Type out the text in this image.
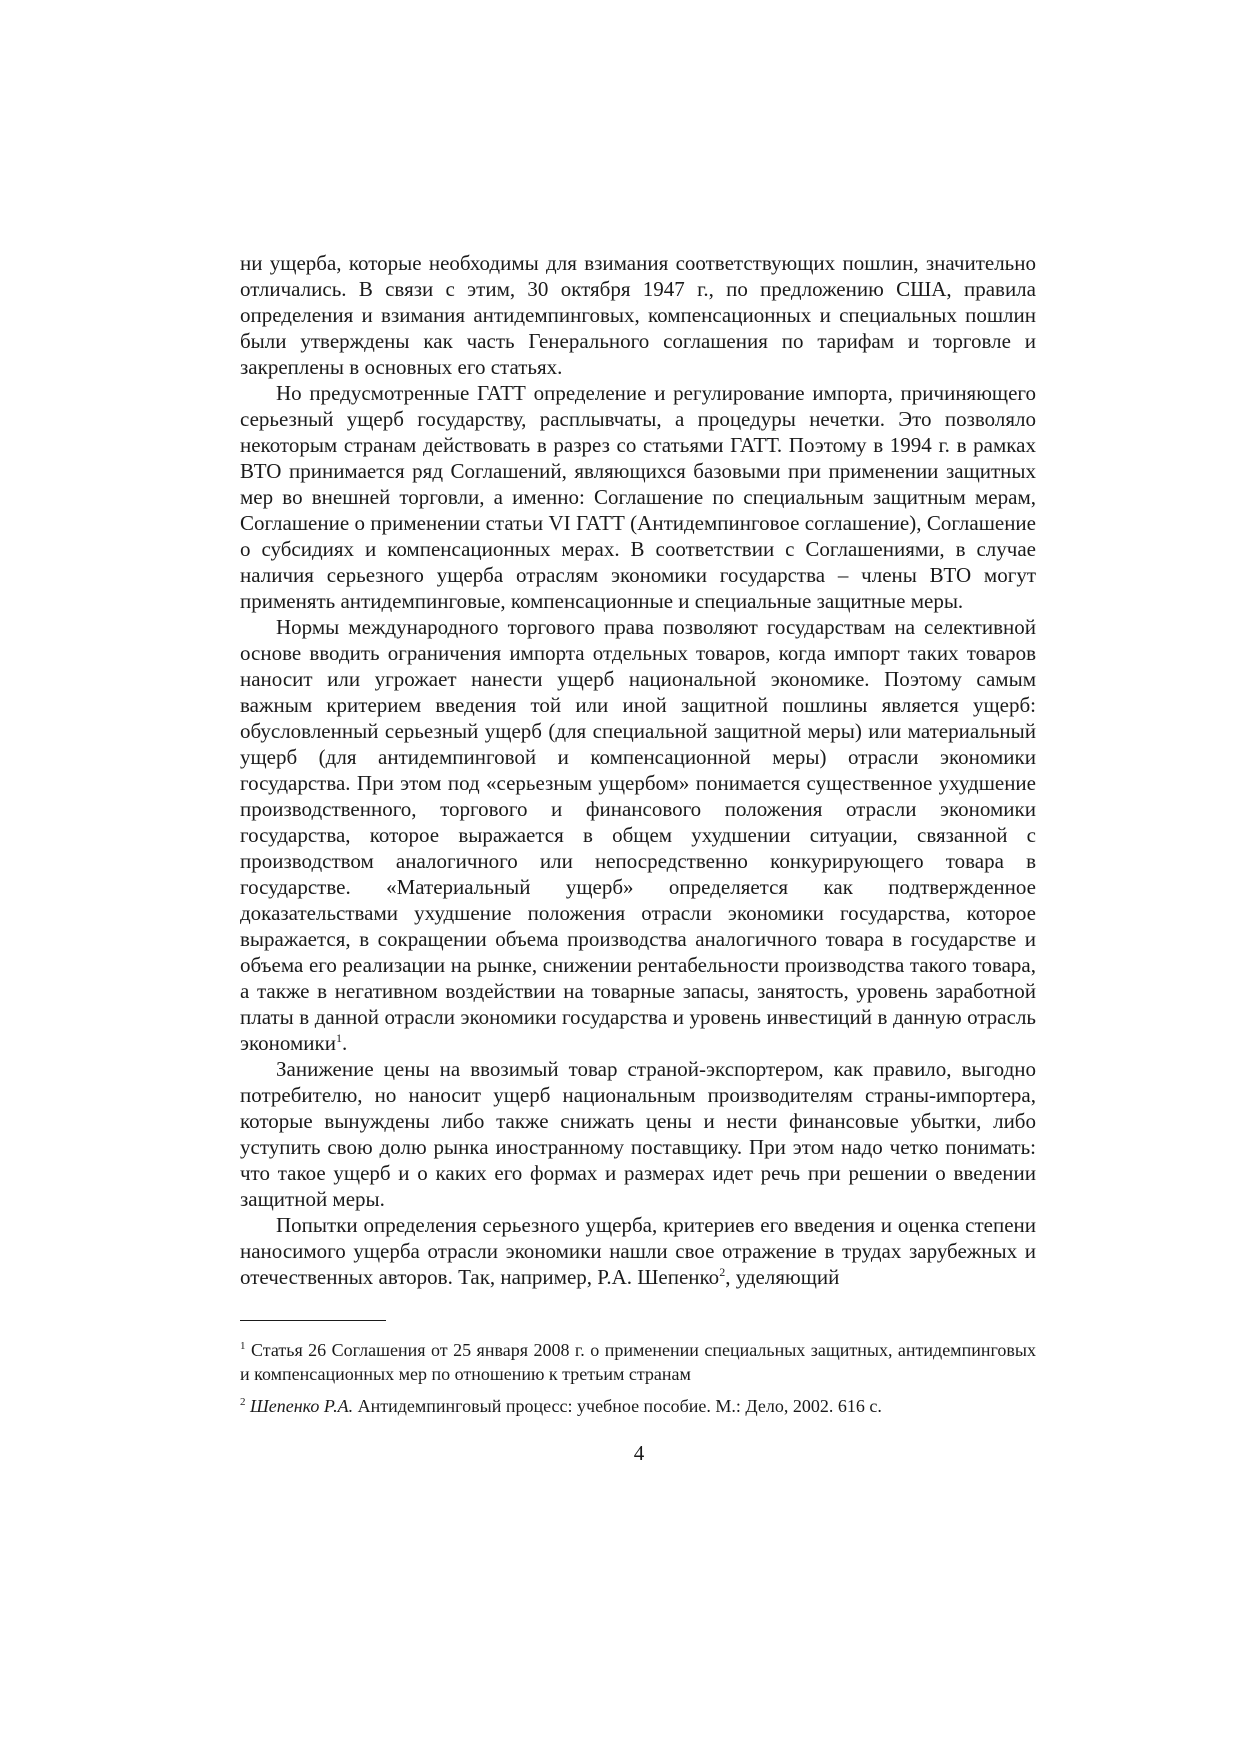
ни ущерба, которые необходимы для взимания соответствующих пошлин, значительно отличались. В связи с этим, 30 октября 1947 г., по предложению США, правила определения и взимания антидемпинговых, компенсационных и специальных пошлин были утверждены как часть Генерального соглашения по тарифам и торговле и закреплены в основных его статьях.

Но предусмотренные ГАТТ определение и регулирование импорта, причиняющего серьезный ущерб государству, расплывчаты, а процедуры нечетки. Это позволяло некоторым странам действовать в разрез со статьями ГАТТ. Поэтому в 1994 г. в рамках ВТО принимается ряд Соглашений, являющихся базовыми при применении защитных мер во внешней торговли, а именно: Соглашение по специальным защитным мерам, Соглашение о применении статьи VI ГАТТ (Антидемпинговое соглашение), Соглашение о субсидиях и компенсационных мерах. В соответствии с Соглашениями, в случае наличия серьезного ущерба отраслям экономики государства – члены ВТО могут применять антидемпинговые, компенсационные и специальные защитные меры.

Нормы международного торгового права позволяют государствам на селективной основе вводить ограничения импорта отдельных товаров, когда импорт таких товаров наносит или угрожает нанести ущерб национальной экономике. Поэтому самым важным критерием введения той или иной защитной пошлины является ущерб: обусловленный серьезный ущерб (для специальной защитной меры) или материальный ущерб (для антидемпинговой и компенсационной меры) отрасли экономики государства. При этом под «серьезным ущербом» понимается существенное ухудшение производственного, торгового и финансового положения отрасли экономики государства, которое выражается в общем ухудшении ситуации, связанной с производством аналогичного или непосредственно конкурирующего товара в государстве. «Материальный ущерб» определяется как подтвержденное доказательствами ухудшение положения отрасли экономики государства, которое выражается, в сокращении объема производства аналогичного товара в государстве и объема его реализации на рынке, снижении рентабельности производства такого товара, а также в негативном воздействии на товарные запасы, занятость, уровень заработной платы в данной отрасли экономики государства и уровень инвестиций в данную отрасль экономики$^1$.

Занижение цены на ввозимый товар страной-экспортером, как правило, выгодно потребителю, но наносит ущерб национальным производителям страны-импортера, которые вынуждены либо также снижать цены и нести финансовые убытки, либо уступить свою долю рынка иностранному поставщику. При этом надо четко понимать: что такое ущерб и о каких его формах и размерах идет речь при решении о введении защитной меры.

Попытки определения серьезного ущерба, критериев его введения и оценка степени наносимого ущерба отрасли экономики нашли свое отражение в трудах зарубежных и отечественных авторов. Так, например, Р.А. Шепенко$^2$, уделяющий

$^1$ Статья 26 Соглашения от 25 января 2008 г. о применении специальных защитных, антидемпинговых и компенсационных мер по отношению к третьим странам

$^2$ Шепенко Р.А. Антидемпинговый процесс: учебное пособие. М.: Дело, 2002. 616 с.

4
